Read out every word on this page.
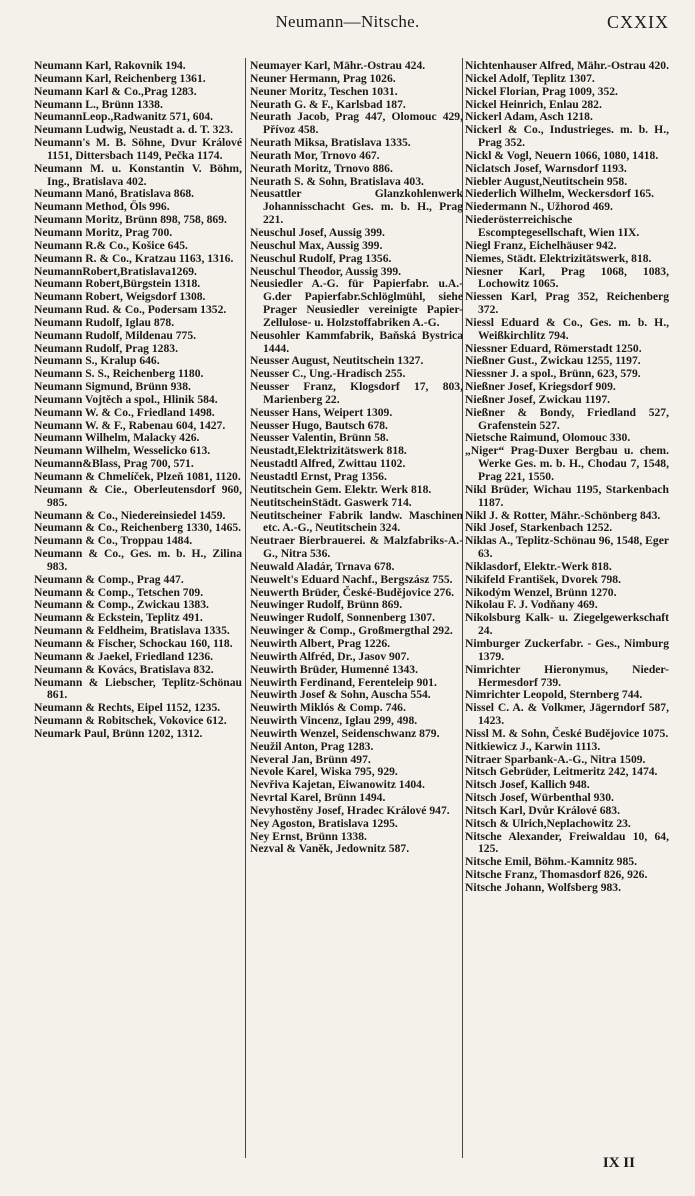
Neumann—Nitsche.	CXXIX
Neumann Karl, Rakovnik 194.
Neumann Karl, Reichenberg 1361.
Neumann Karl & Co.,Prag 1283.
Neumann L., Brünn 1338.
NeumannLeop.,Radwanitz 571, 604.
Neumann Ludwig, Neustadt a. d. T. 323.
Neumann's M. B. Söhne, Dvur Králové 1151, Dittersbach 1149, Pečka 1174.
Neumann M. u. Konstantin V. Böhm, Ing., Bratislava 402.
Neumann Manó, Bratislava 868.
Neumann Method, Öls 996.
Neumann Moritz, Brünn 898, 758, 869.
Neumann Moritz, Prag 700.
Neumann R.& Co., Košice 645.
Neumann R. & Co., Kratzau 1163, 1316.
NeumannRobert,Bratislava1269.
Neumann Robert,Bürgstein 1318.
Neumann Robert, Weigsdorf 1308.
Neumann Rud. & Co., Podersam 1352.
Neumann Rudolf, Iglau 878.
Neumann Rudolf, Mildenau 775.
Neumann Rudolf, Prag 1283.
Neumann S., Kralup 646.
Neumann S. S., Reichenberg 1180.
Neumann Sigmund, Brünn 938.
Neumann Vojtěch a spol., Hlinik 584.
Neumann W. & Co., Friedland 1498.
Neumann W. & F., Rabenau 604, 1427.
Neumann Wilhelm, Malacky 426.
Neumann Wilhelm, Wesselicko 613.
Neumann&Blass, Prag 700, 571.
Neumann & Chmelíček, Plzeň 1081, 1120.
Neumann & Cie., Oberleutensdorf 960, 985.
Neumann & Co., Niedereinsiedel 1459.
Neumann & Co., Reichenberg 1330, 1465.
Neumann & Co., Troppau 1484.
Neumann & Co., Ges. m. b. H., Zilina 983.
Neumann & Comp., Prag 447.
Neumann & Comp., Tetschen 709.
Neumann & Comp., Zwickau 1383.
Neumann & Eckstein, Teplitz 491.
Neumann & Feldheim, Bratislava 1335.
Neumann & Fischer, Schockau 160, 118.
Neumann & Jaekel, Friedland 1236.
Neumann & Kovács, Bratislava 832.
Neumann & Liebscher, Teplitz-Schönau 861.
Neumann & Rechts, Eipel 1152, 1235.
Neumann & Robitschek, Vokovice 612.
Neumark Paul, Brünn 1202, 1312.
Neumayer Karl, Mähr.-Ostrau 424.
Neuner Hermann, Prag 1026.
Neuner Moritz, Teschen 1031.
Neurath G. & F., Karlsbad 187.
Neurath Jacob, Prag 447, Olomouc 429, Přívoz 458.
Neurath Miksa, Bratislava 1335.
Neurath Mor, Trnovo 467.
Neurath Moritz, Trnovo 886.
Neurath S. & Sohn, Bratislava 403.
Neusattler Glanzkohlenwerk Johannisschacht Ges. m. b. H., Prag 221.
Neuschul Josef, Aussig 399.
Neuschul Max, Aussig 399.
Neuschul Rudolf, Prag 1356.
Neuschul Theodor, Aussig 399.
Neusiedler A.-G. für Papierfabr. u.A.-G.der Papierfabr.Schlöglmühl, siehe Prager Neusiedler vereinigte Papier-Zellulose- u. Holzstoffabriken A.-G.
Neusohler Kammfabrik, Baňská Bystrica 1444.
Neusser August, Neutitschein 1327.
Neusser C., Ung.-Hradisch 255.
Neusser Franz, Klogsdorf 17, 803, Marienberg 22.
Neusser Hans, Weipert 1309.
Neusser Hugo, Bautsch 678.
Neusser Valentin, Brünn 58.
Neustadt,Elektrizitätswerk 818.
Neustadtl Alfred, Zwittau 1102.
Neustadtl Ernst, Prag 1356.
Neutitschein Gem. Elektr. Werk 818.
NeutitscheinStädt. Gaswerk 714.
Neutitscheiner Fabrik landw. Maschinen etc. A.-G., Neutitschein 324.
Neutraer Bierbrauerei. & Malzfabriks-A.-G., Nitra 536.
Neuwald Aladár, Trnava 678.
Neuwelt's Eduard Nachf., Bergszász 755.
Neuwerth Brüder, České-Budějovice 276.
Neuwinger Rudolf, Brünn 869.
Neuwinger Rudolf, Sonnenberg 1307.
Neuwinger & Comp., Großmergthal 292.
Neuwirth Albert, Prag 1226.
Neuwirth Alfréd, Dr., Jasov 907.
Neuwirth Brüder, Humenné 1343.
Neuwirth Ferdinand, Ferenteleip 901.
Neuwirth Josef & Sohn, Auscha 554.
Neuwirth Miklós & Comp. 746.
Neuwirth Vincenz, Iglau 299, 498.
Neuwirth Wenzel, Seidenschwanz 879.
Neužil Anton, Prag 1283.
Neveral Jan, Brünn 497.
Nevole Karel, Wiska 795, 929.
Nevřiva Kajetan, Eiwanowitz 1404.
Nevrtal Karel, Brünn 1494.
Nevyhostěny Josef, Hradec Králové 947.
Ney Agoston, Bratislava 1295.
Ney Ernst, Brünn 1338.
Nezval & Vaněk, Jedownitz 587.
Nichtenhauser Alfred, Mähr.-Ostrau 420.
Nickel Adolf, Teplitz 1307.
Nickel Florian, Prag 1009, 352.
Nickel Heinrich, Enlau 282.
Nickerl Adam, Asch 1218.
Nickerl & Co., Industrieges. m. b. H., Prag 352.
Nickl & Vogl, Neuern 1066, 1080, 1418.
Niclatsch Josef, Warnsdorf 1193.
Niebler August,Neutitschein 958.
Niederlich Wilhelm, Weckersdorf 165.
Niedermann N., Užhorod 469.
Niederösterreichische Escomptegesellschaft, Wien 1IX.
Niegl Franz, Eichelhäuser 942.
Niemes, Städt. Elektrizitätswerk, 818.
Niesner Karl, Prag 1068, 1083, Lochowitz 1065.
Niessen Karl, Prag 352, Reichenberg 372.
Niessl Eduard & Co., Ges. m. b. H., Weißkirchlitz 794.
Niessner Eduard, Römerstadt 1250.
Nießner Gust., Zwickau 1255, 1197.
Niessner J. a spol., Brünn, 623, 579.
Nießner Josef, Kriegsdorf 909.
Nießner Josef, Zwickau 1197.
Nießner & Bondy, Friedland 527, Grafenstein 527.
Nietsche Raimund, Olomouc 330.
„Niger“ Prag-Duxer Bergbau u. chem. Werke Ges. m. b. H., Chodau 7, 1548, Prag 221, 1550.
Nikl Brüder, Wichau 1195, Starkenbach 1187.
Nikl J. & Rotter, Mähr.-Schönberg 843.
Nikl Josef, Starkenbach 1252.
Niklas A., Teplitz-Schönau 96, 1548, Eger 63.
Niklasdorf, Elektr.-Werk 818.
Nikifeld František, Dvorek 798.
Nikodým Wenzel, Brünn 1270.
Nikolau F. J. Vodňany 469.
Nikolsburg Kalk- u. Ziegelgewerkschaft 24.
Nimburger Zuckerfabr. - Ges., Nimburg 1379.
Nimrichter Hieronymus, Nieder-Hermesdorf 739.
Nimrichter Leopold, Sternberg 744.
Nissel C. A. & Volkmer, Jägerndorf 587, 1423.
Nissl M. & Sohn, České Budějovice 1075.
Nitkiewicz J., Karwin 1113.
Nitraer Sparbank-A.-G., Nitra 1509.
Nitsch Gebrüder, Leitmeritz 242, 1474.
Nitsch Josef, Kallich 948.
Nitsch Josef, Würbenthal 930.
Nitsch Karl, Dvůr Králové 683.
Nitsch & Ulrich,Neplachowitz 23.
Nitsche Alexander, Freiwaldau 10, 64, 125.
Nitsche Emil, Böhm.-Kamnitz 985.
Nitsche Franz, Thomasdorf 826, 926.
Nitsche Johann, Wolfsberg 983.
IX II
